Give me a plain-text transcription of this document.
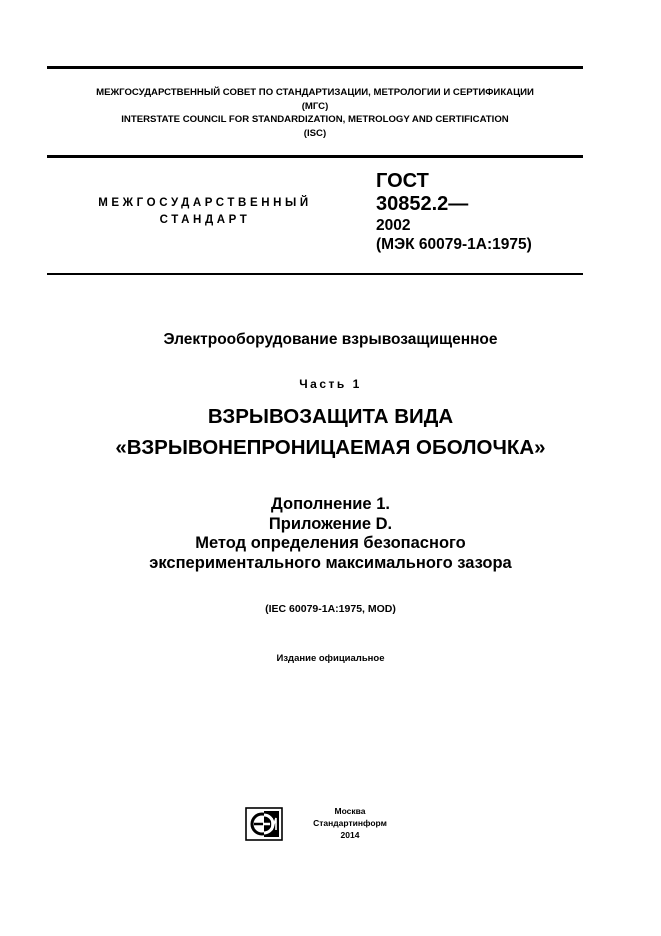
МЕЖГОСУДАРСТВЕННЫЙ СОВЕТ ПО СТАНДАРТИЗАЦИИ, МЕТРОЛОГИИ И СЕРТИФИКАЦИИ
(МГС)
INTERSTATE COUNCIL FOR STANDARDIZATION, METROLOGY AND CERTIFICATION
(ISC)
МЕЖГОСУДАРСТВЕННЫЙ
СТАНДАРТ
ГОСТ
30852.2—
2002
(МЭК 60079-1А:1975)
Электрооборудование взрывозащищенное
Часть 1
ВЗРЫВОЗАЩИТА ВИДА
«ВЗРЫВОНЕПРОНИЦАЕМАЯ ОБОЛОЧКА»
Дополнение 1.
Приложение D.
Метод определения безопасного
экспериментального максимального зазора
(IEC 60079-1A:1975, MOD)
Издание официальное
Москва
Стандартинформ
2014
